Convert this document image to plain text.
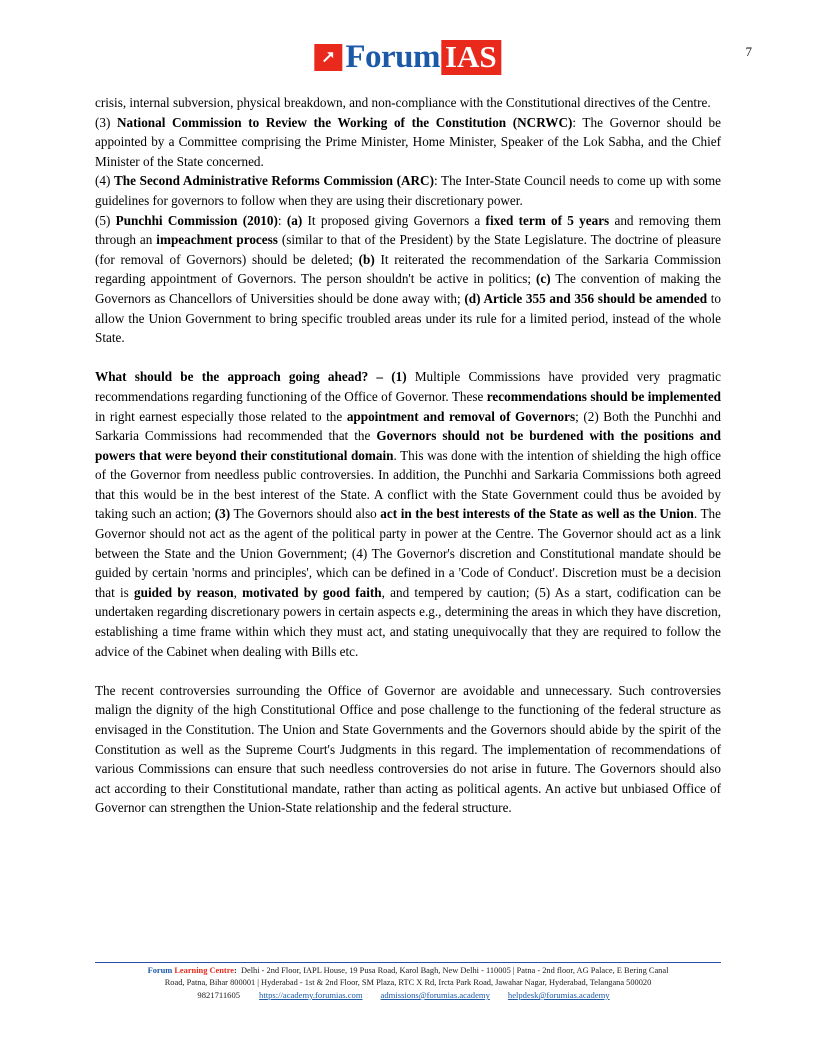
7
Forum IAS

crisis, internal subversion, physical breakdown, and non-compliance with the Constitutional directives of the Centre.

(3) National Commission to Review the Working of the Constitution (NCRWC): The Governor should be appointed by a Committee comprising the Prime Minister, Home Minister, Speaker of the Lok Sabha, and the Chief Minister of the State concerned.

(4) The Second Administrative Reforms Commission (ARC): The Inter-State Council needs to come up with some guidelines for governors to follow when they are using their discretionary power.

(5) Punchhi Commission (2010): (a) It proposed giving Governors a fixed term of 5 years and removing them through an impeachment process (similar to that of the President) by the State Legislature. The doctrine of pleasure (for removal of Governors) should be deleted; (b) It reiterated the recommendation of the Sarkaria Commission regarding appointment of Governors. The person shouldn't be active in politics; (c) The convention of making the Governors as Chancellors of Universities should be done away with; (d) Article 355 and 356 should be amended to allow the Union Government to bring specific troubled areas under its rule for a limited period, instead of the whole State.

What should be the approach going ahead? – (1) Multiple Commissions have provided very pragmatic recommendations regarding functioning of the Office of Governor. These recommendations should be implemented in right earnest especially those related to the appointment and removal of Governors; (2) Both the Punchhi and Sarkaria Commissions had recommended that the Governors should not be burdened with the positions and powers that were beyond their constitutional domain. This was done with the intention of shielding the high office of the Governor from needless public controversies. In addition, the Punchhi and Sarkaria Commissions both agreed that this would be in the best interest of the State. A conflict with the State Government could thus be avoided by taking such an action; (3) The Governors should also act in the best interests of the State as well as the Union. The Governor should not act as the agent of the political party in power at the Centre. The Governor should act as a link between the State and the Union Government; (4) The Governor's discretion and Constitutional mandate should be guided by certain 'norms and principles', which can be defined in a 'Code of Conduct'. Discretion must be a decision that is guided by reason, motivated by good faith, and tempered by caution; (5) As a start, codification can be undertaken regarding discretionary powers in certain aspects e.g., determining the areas in which they have discretion, establishing a time frame within which they must act, and stating unequivocally that they are required to follow the advice of the Cabinet when dealing with Bills etc.

The recent controversies surrounding the Office of Governor are avoidable and unnecessary. Such controversies malign the dignity of the high Constitutional Office and pose challenge to the functioning of the federal structure as envisaged in the Constitution. The Union and State Governments and the Governors should abide by the spirit of the Constitution as well as the Supreme Court's Judgments in this regard. The implementation of recommendations of various Commissions can ensure that such needless controversies do not arise in future. The Governors should also act according to their Constitutional mandate, rather than acting as political agents. An active but unbiased Office of Governor can strengthen the Union-State relationship and the federal structure.

Forum Learning Centre: Delhi - 2nd Floor, IAPL House, 19 Pusa Road, Karol Bagh, New Delhi - 110005 | Patna - 2nd floor, AG Palace, E Bering Canal
Road, Patna, Bihar 800001 | Hyderabad - 1st & 2nd Floor, SM Plaza, RTC X Rd, Ircta Park Road, Jawahar Nagar, Hyderabad, Telangana 500020
9821711605 https://academy.forumias.com admissions@forumias.academy helpdesk@forumias.academy
